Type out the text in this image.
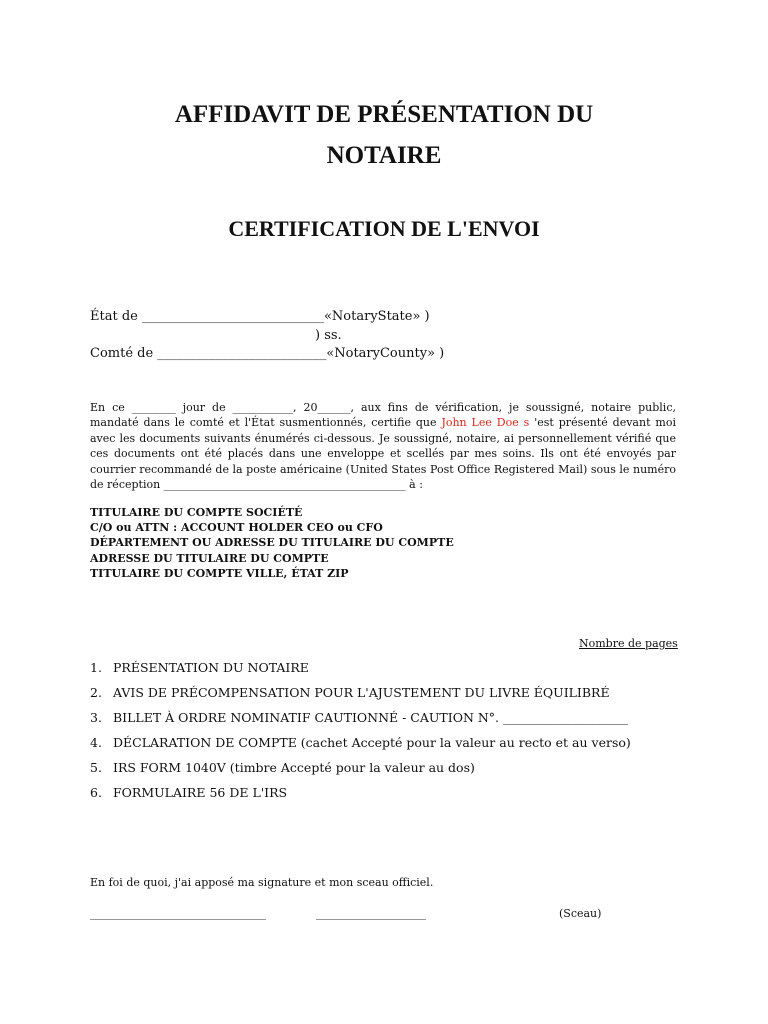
AFFIDAVIT DE PRÉSENTATION DU
NOTAIRE
CERTIFICATION DE L'ENVOI
État de ____________________________«NotaryState» )
) ss.
Comté de __________________________«NotaryCounty» )
En ce ________ jour de ___________, 20______, aux fins de vérification, je soussigné, notaire public, mandaté dans le comté et l'État susmentionnés, certifie que John Lee Doe s 'est présenté devant moi avec les documents suivants énumérés ci-dessous. Je soussigné, notaire, ai personnellement vérifié que ces documents ont été placés dans une enveloppe et scellés par mes soins. Ils ont été envoyés par courrier recommandé de la poste américaine (United States Post Office Registered Mail) sous le numéro de réception ____________________________________________ à :
TITULAIRE DU COMPTE SOCIÉTÉ
C/O ou ATTN : ACCOUNT HOLDER CEO ou CFO
DÉPARTEMENT OU ADRESSE DU TITULAIRE DU COMPTE
ADRESSE DU TITULAIRE DU COMPTE
TITULAIRE DU COMPTE VILLE, ÉTAT ZIP
Nombre de pages
1. PRÉSENTATION DU NOTAIRE
2. AVIS DE PRÉCOMPENSATION POUR L'AJUSTEMENT DU LIVRE ÉQUILIBRÉ
3. BILLET À ORDRE NOMINATIF CAUTIONNÉ - CAUTION N°. ____________________
4. DÉCLARATION DE COMPTE (cachet Accepté pour la valeur au recto et au verso)
5. IRS FORM 1040V (timbre Accepté pour la valeur au dos)
6. FORMULAIRE 56 DE L'IRS
En foi de quoi, j'ai apposé ma signature et mon sceau officiel.
________________________________	____________________	(Sceau)
